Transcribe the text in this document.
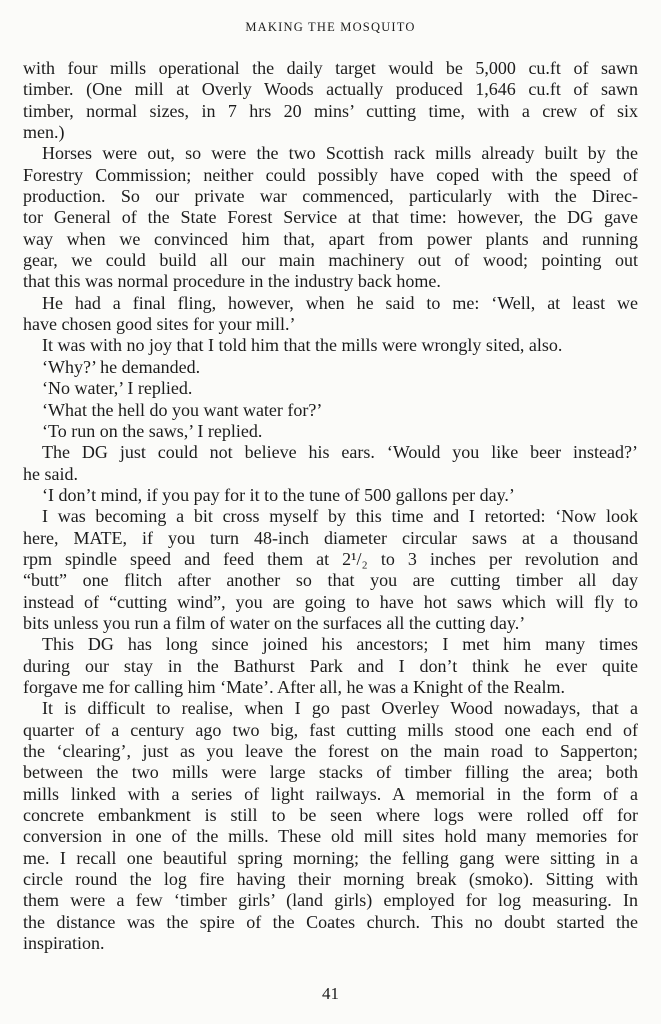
MAKING THE MOSQUITO
with four mills operational the daily target would be 5,000 cu.ft of sawn
timber. (One mill at Overly Woods actually produced 1,646 cu.ft of sawn
timber, normal sizes, in 7 hrs 20 mins’ cutting time, with a crew of six
men.)
Horses were out, so were the two Scottish rack mills already built by the
Forestry Commission; neither could possibly have coped with the speed of
production. So our private war commenced, particularly with the Direc-
tor General of the State Forest Service at that time: however, the DG gave
way when we convinced him that, apart from power plants and running
gear, we could build all our main machinery out of wood; pointing out
that this was normal procedure in the industry back home.
He had a final fling, however, when he said to me: ‘Well, at least we
have chosen good sites for your mill.’
It was with no joy that I told him that the mills were wrongly sited, also.
‘Why?’ he demanded.
‘No water,’ I replied.
‘What the hell do you want water for?’
‘To run on the saws,’ I replied.
The DG just could not believe his ears. ‘Would you like beer instead?’
he said.
‘I don’t mind, if you pay for it to the tune of 500 gallons per day.’
I was becoming a bit cross myself by this time and I retorted: ‘Now look
here, MATE, if you turn 48-inch diameter circular saws at a thousand
rpm spindle speed and feed them at 2¹/₂ to 3 inches per revolution and
“butt” one flitch after another so that you are cutting timber all day
instead of “cutting wind”, you are going to have hot saws which will fly to
bits unless you run a film of water on the surfaces all the cutting day.’
This DG has long since joined his ancestors; I met him many times
during our stay in the Bathurst Park and I don’t think he ever quite
forgave me for calling him ‘Mate’. After all, he was a Knight of the Realm.
It is difficult to realise, when I go past Overley Wood nowadays, that a
quarter of a century ago two big, fast cutting mills stood one each end of
the ‘clearing’, just as you leave the forest on the main road to Sapperton;
between the two mills were large stacks of timber filling the area; both
mills linked with a series of light railways. A memorial in the form of a
concrete embankment is still to be seen where logs were rolled off for
conversion in one of the mills. These old mill sites hold many memories for
me. I recall one beautiful spring morning; the felling gang were sitting in a
circle round the log fire having their morning break (smoko). Sitting with
them were a few ‘timber girls’ (land girls) employed for log measuring. In
the distance was the spire of the Coates church. This no doubt started the
inspiration.
41
